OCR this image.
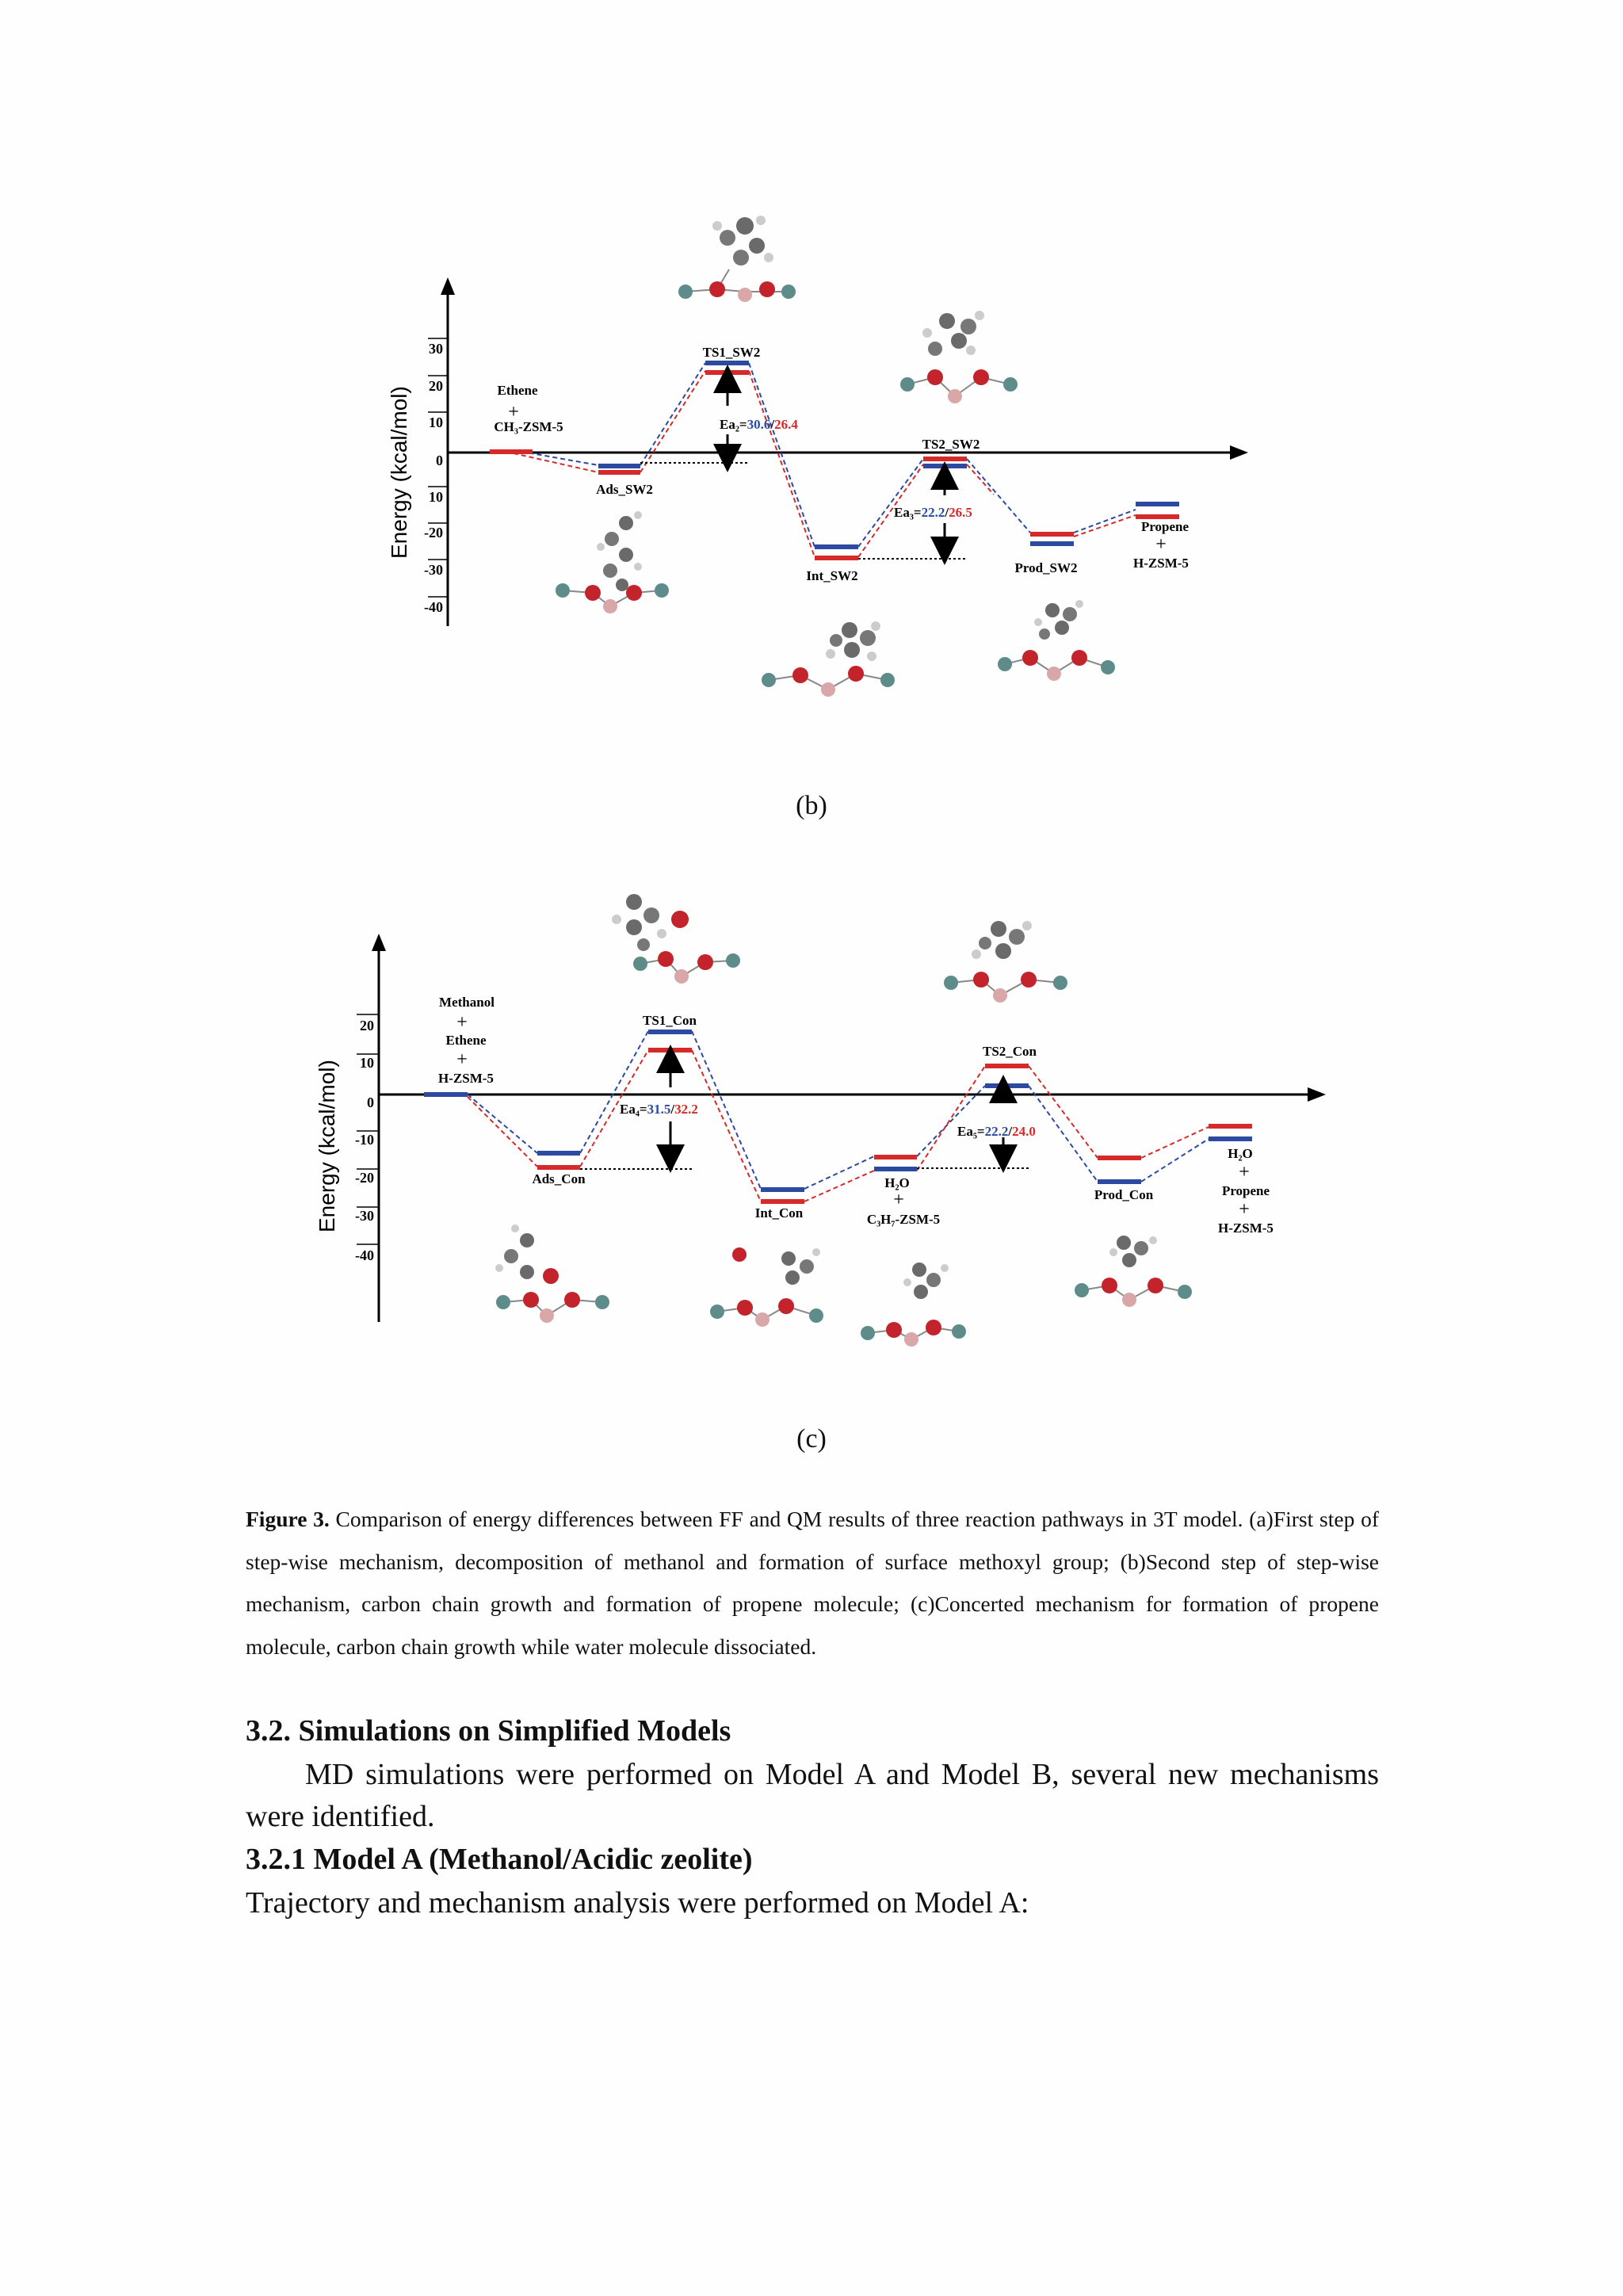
30
20
10
0
10
-20
-30
-40
Energy (kcal/mol)	Ethene
+
CH₃-ZSM-5
Ads_SW2
TS1_SW2
Int_SW2
TS2_SW2
Prod_SW2
Propene
+
H-ZSM-5
Ea₂=30.6/26.4
Ea₃=22.2/26.5
(b)
20
10
0
-10
-20
-30
-40
Energy (kcal/mol)
Methanol
+
Ethene
+
H-ZSM-5
Ads_Con
TS1_Con
Int_Con
H₂O
+
C₃H₇-ZSM-5
TS2_Con
Prod_Con
H₂O
+
Propene
+
H-ZSM-5
Ea₄=31.5/32.2
Ea₅=22.2/24.0
(c)
Figure 3. Comparison of energy differences between FF and QM results of three reaction pathways in 3T model. (a)First step of step-wise mechanism, decomposition of methanol and formation of surface methoxyl group; (b)Second step of step-wise mechanism, carbon chain growth and formation of propene molecule; (c)Concerted mechanism for formation of propene molecule, carbon chain growth while water molecule dissociated.
3.2. Simulations on Simplified Models
MD simulations were performed on Model A and Model B, several new mechanisms were identified.
3.2.1 Model A (Methanol/Acidic zeolite)
Trajectory and mechanism analysis were performed on Model A:
